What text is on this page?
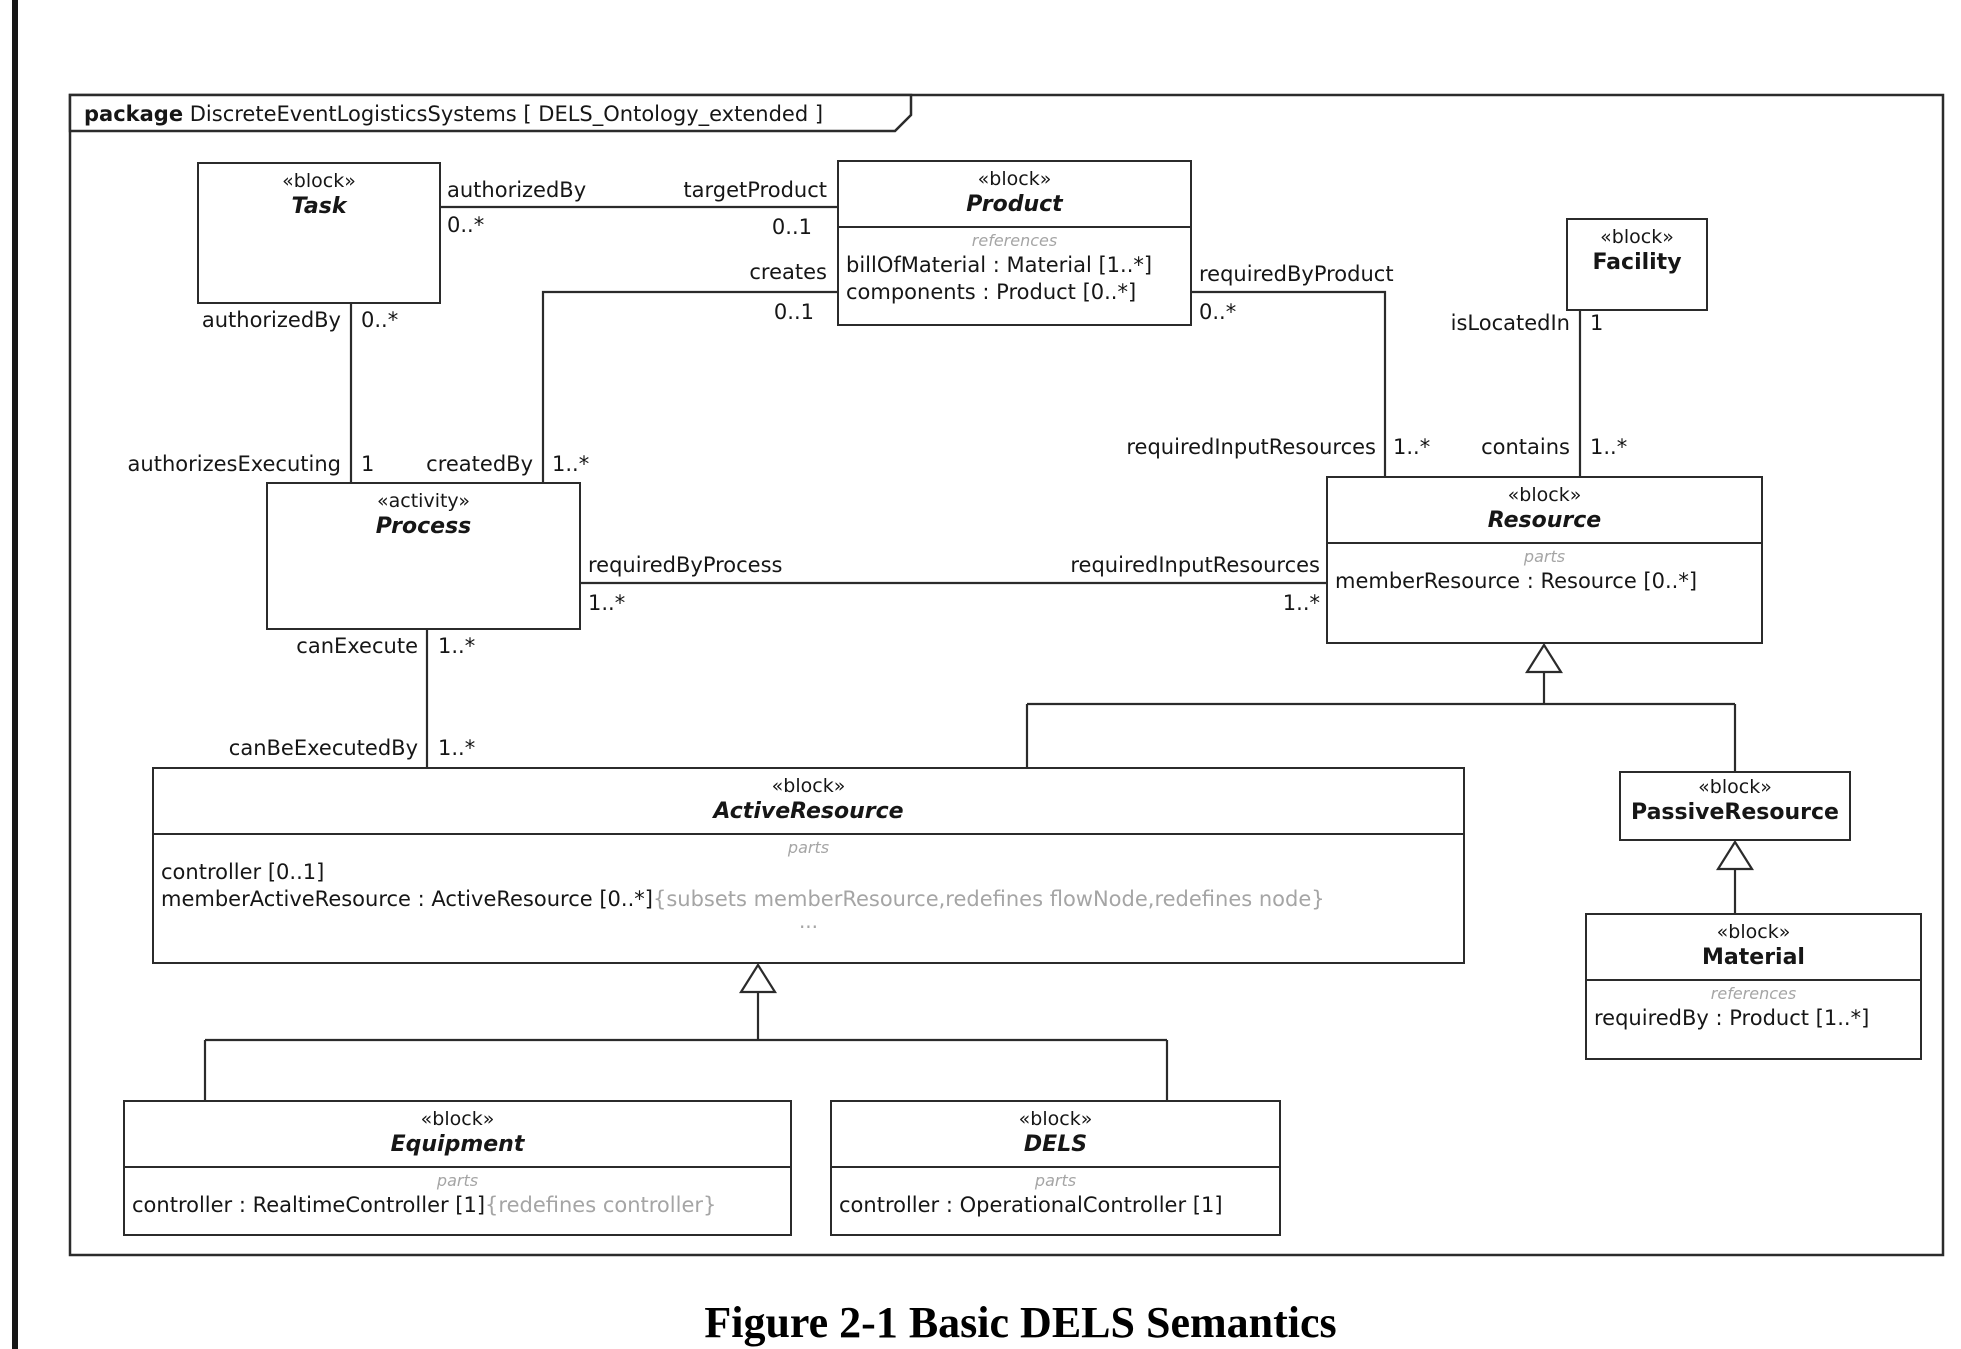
package DiscreteEventLogisticsSystems [ DELS_Ontology_extended ]
«block»
Task
«block»
Product
references
billOfMaterial : Material [1..*]
components : Product [0..*]
«block»
Facility
«activity»
Process
«block»
Resource
parts
memberResource : Resource [0..*]
«block»
ActiveResource
parts
controller [0..1]
memberActiveResource : ActiveResource [0..*]{subsets memberResource,redefines flowNode,redefines node}
...
«block»
PassiveResource
«block»
Material
references
requiredBy : Product [1..*]
«block»
Equipment
parts
controller : RealtimeController [1]{redefines controller}
«block»
DELS
parts
controller : OperationalController [1]
authorizedBy
0..*
targetProduct
0..1
authorizedBy 0..*
authorizesExecuting 1
creates
0..1
createdBy 1..*
requiredByProduct
0..*
requiredInputResources 1..*
isLocatedIn 1
contains 1..*
requiredByProcess
1..*
requiredInputResources
1..*
canExecute 1..*
canBeExecutedBy 1..*
Figure 2-1 Basic DELS Semantics
